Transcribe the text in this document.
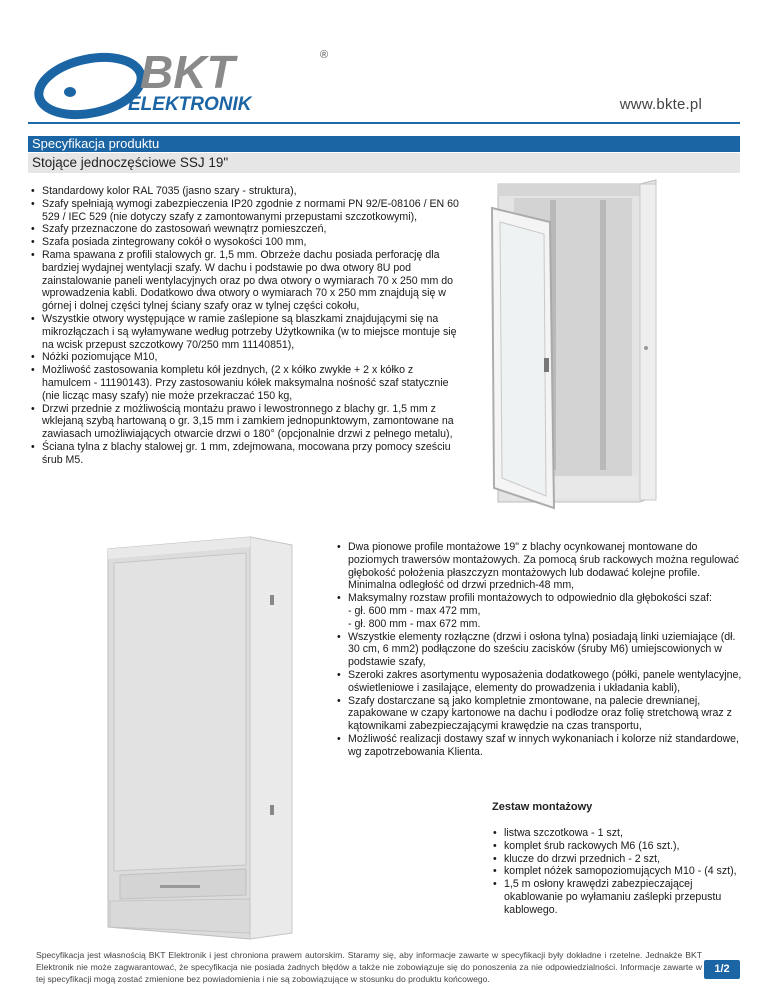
BKT
ELEKTRONIK
®
www.bkte.pl
Specyfikacja produktu
Stojące jednoczęściowe SSJ 19"
• Standardowy kolor RAL 7035 (jasno szary - struktura),
• Szafy spełniają wymogi zabezpieczenia IP20 zgodnie z normami PN 92/E-08106 / EN 60 529 / IEC 529 (nie dotyczy szafy z zamontowanymi przepustami szczotkowymi),
• Szafy przeznaczone do zastosowań wewnątrz pomieszczeń,
• Szafa posiada zintegrowany cokół o wysokości 100 mm,
• Rama spawana z profili stalowych gr. 1,5 mm. Obrzeże dachu posiada perforację dla bardziej wydajnej wentylacji szafy. W dachu i podstawie po dwa otwory 8U pod zainstalowanie paneli wentylacyjnych oraz po dwa otwory o wymiarach 70 x 250 mm do wprowadzenia kabli. Dodatkowo dwa otwory o wymiarach 70 x 250 mm znajdują się w górnej i dolnej części tylnej ściany szafy oraz w tylnej części cokołu,
• Wszystkie otwory występujące w ramie zaślepione są blaszkami znajdującymi się na mikrozłączach i są wyłamywane według potrzeby Użytkownika (w to miejsce montuje się na wcisk przepust szczotkowy 70/250 mm 11140851),
• Nóżki poziomujące M10,
• Możliwość zastosowania kompletu kół jezdnych, (2 x kółko zwykłe + 2 x kółko z hamulcem - 11190143). Przy zastosowaniu kółek maksymalna nośność szaf statycznie (nie licząc masy szafy) nie może przekraczać 150 kg,
• Drzwi przednie z możliwością montażu prawo i lewostronnego z blachy gr. 1,5 mm z wklejaną szybą hartowaną o gr. 3,15 mm i zamkiem jednopunktowym, zamontowane na zawiasach umożliwiających otwarcie drzwi o 180° (opcjonalnie drzwi z pełnego metalu),
• Ściana tylna z blachy stalowej gr. 1 mm, zdejmowana, mocowana przy pomocy sześciu śrub M5.
• Dwa pionowe profile montażowe 19" z blachy ocynkowanej montowane do poziomych trawersów montażowych. Za pomocą śrub rackowych można regulować głębokość położenia płaszczyzn montażowych lub dodawać kolejne profile. Minimalna odległość od drzwi przednich-48 mm,
• Maksymalny rozstaw profili montażowych to odpowiednio dla głębokości szaf:
- gł. 600 mm - max 472 mm,
- gł. 800 mm - max 672 mm.
• Wszystkie elementy rozłączne (drzwi i osłona tylna) posiadają linki uziemiające (dł. 30 cm, 6 mm2) podłączone do sześciu zacisków (śruby M6) umiejscowionych w podstawie szafy,
• Szeroki zakres asortymentu wyposażenia dodatkowego (półki, panele wentylacyjne, oświetleniowe i zasilające, elementy do prowadzenia i układania kabli),
• Szafy dostarczane są jako kompletnie zmontowane, na palecie drewnianej, zapakowane w czapy kartonowe na dachu i podłodze oraz folię stretchową wraz z kątownikami zabezpieczającymi krawędzie na czas transportu,
• Możliwość realizacji dostawy szaf w innych wykonaniach i kolorze niż standardowe, wg zapotrzebowania Klienta.
Zestaw montażowy
• listwa szczotkowa - 1 szt,
• komplet śrub rackowych M6 (16 szt.),
• klucze do drzwi przednich - 2 szt,
• komplet nóżek samopoziomujących M10 - (4 szt),
• 1,5 m osłony krawędzi zabezpieczającej okablowanie po wyłamaniu zaślepki przepustu kablowego.
Specyfikacja jest własnością BKT Elektronik i jest chroniona prawem autorskim. Staramy się, aby informacje zawarte w specyfikacji były dokładne i rzetelne. Jednakże BKT Elektronik nie może zagwarantować, że specyfikacja nie posiada żadnych błędów a także nie zobowiązuje się do ponoszenia za nie odpowiedzialności. Informacje zawarte w tej specyfikacji mogą zostać zmienione bez powiadomienia i nie są zobowiązujące w stosunku do produktu końcowego.
1/2
